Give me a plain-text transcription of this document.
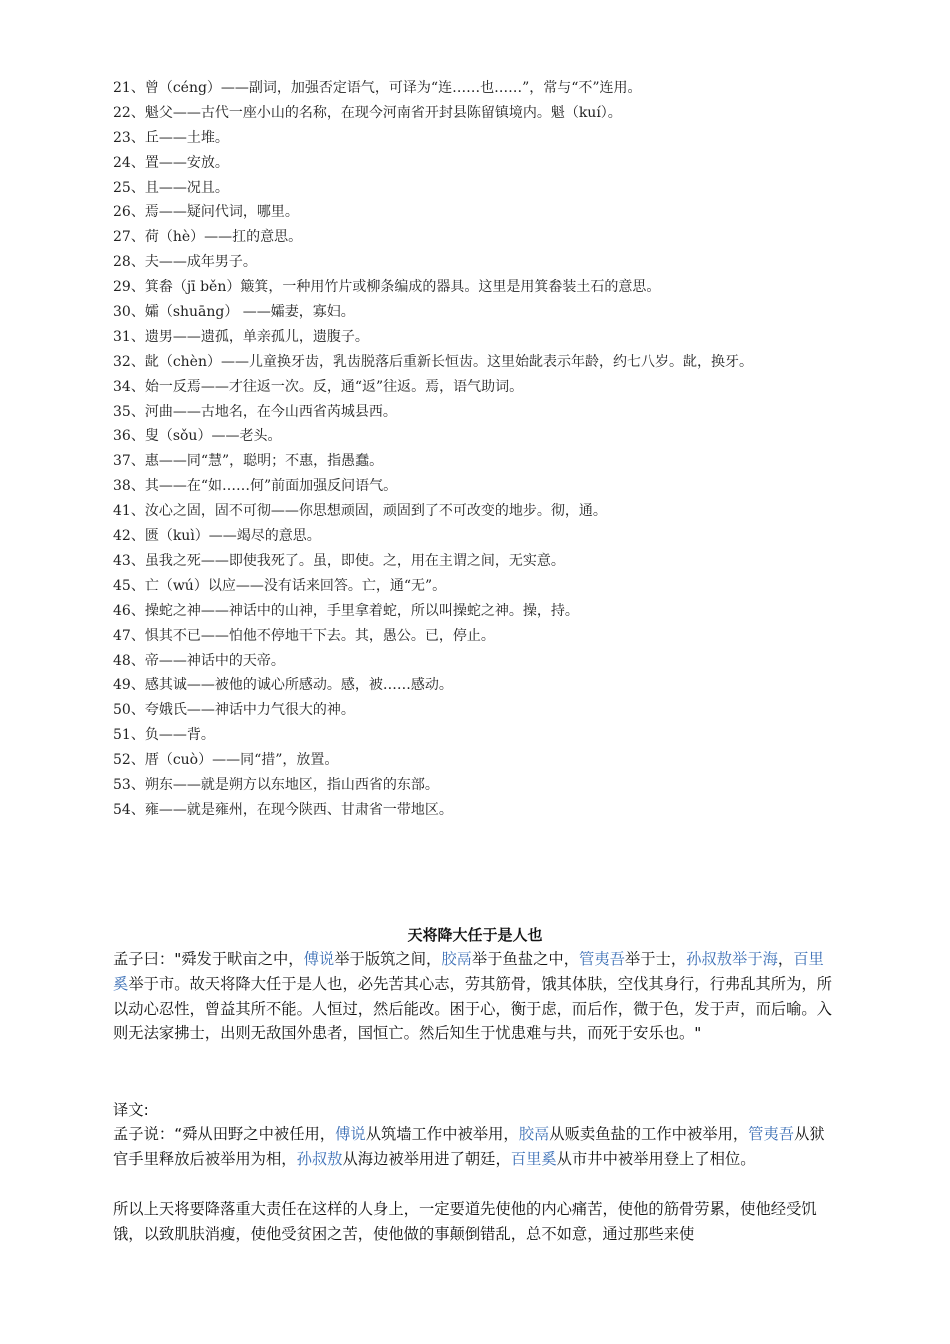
21、曾（céng）——副词，加强否定语气，可译为“连……也……”，常与“不”连用。
22、魁父——古代一座小山的名称，在现今河南省开封县陈留镇境内。魁（kuí）。
23、丘——土堆。
24、置——安放。
25、且——况且。
26、焉——疑问代词，哪里。
27、荷（hè）——扛的意思。
28、夫——成年男子。
29、箕畚（jī běn）簸箕，一种用竹片或柳条编成的器具。这里是用箕畚装土石的意思。
30、孀（shuāng） ——孀妻，寡妇。
31、遗男——遗孤，单亲孤儿，遗腹子。
32、龀（chèn）——儿童换牙齿，乳齿脱落后重新长恒齿。这里始龀表示年龄，约七八岁。龀，换牙。
34、始一反焉——才往返一次。反，通“返”往返。焉，语气助词。
35、河曲——古地名，在今山西省芮城县西。
36、叟（sǒu）——老头。
37、惠——同“慧”，聪明；不惠，指愚蠢。
38、其——在“如……何”前面加强反问语气。
41、汝心之固，固不可彻——你思想顽固，顽固到了不可改变的地步。彻，通。
42、匮（kuì）——竭尽的意思。
43、虽我之死——即使我死了。虽，即使。之，用在主谓之间，无实意。
45、亡（wú）以应——没有话来回答。亡，通“无”。
46、操蛇之神——神话中的山神，手里拿着蛇，所以叫操蛇之神。操，持。
47、惧其不已——怕他不停地干下去。其，愚公。已，停止。
48、帝——神话中的天帝。
49、感其诚——被他的诚心所感动。感，被……感动。
50、夸娥氏——神话中力气很大的神。
51、负——背。
52、厝（cuò）——同“措”，放置。
53、朔东——就是朔方以东地区，指山西省的东部。
54、雍——就是雍州，在现今陕西、甘肃省一带地区。
天将降大任于是人也
孟子曰："舜发于畎亩之中，傅说举于版筑之间，胶鬲举于鱼盐之中，管夷吾举于士，孙叔敖举于海，百里奚举于市。故天将降大任于是人也，必先苦其心志，劳其筋骨，饿其体肤，空伐其身行，行弗乱其所为，所以动心忍性，曾益其所不能。人恒过，然后能改。困于心，衡于虑，而后作，微于色，发于声，而后喻。入则无法家拂士，出则无敌国外患者，国恒亡。然后知生于忧患难与共，而死于安乐也。"
译文:
孟子说：“舜从田野之中被任用，傅说从筑墙工作中被举用，胶鬲从贩卖鱼盐的工作中被举用，管夷吾从狱官手里释放后被举用为相，孙叔敖从海边被举用进了朝廷，百里奚从市井中被举用登上了相位。
所以上天将要降落重大责任在这样的人身上，一定要道先使他的内心痛苦，使他的筋骨劳累，使他经受饥饿，以致肌肤消瘦，使他受贫困之苦，使他做的事颠倒错乱，总不如意，通过那些来使
